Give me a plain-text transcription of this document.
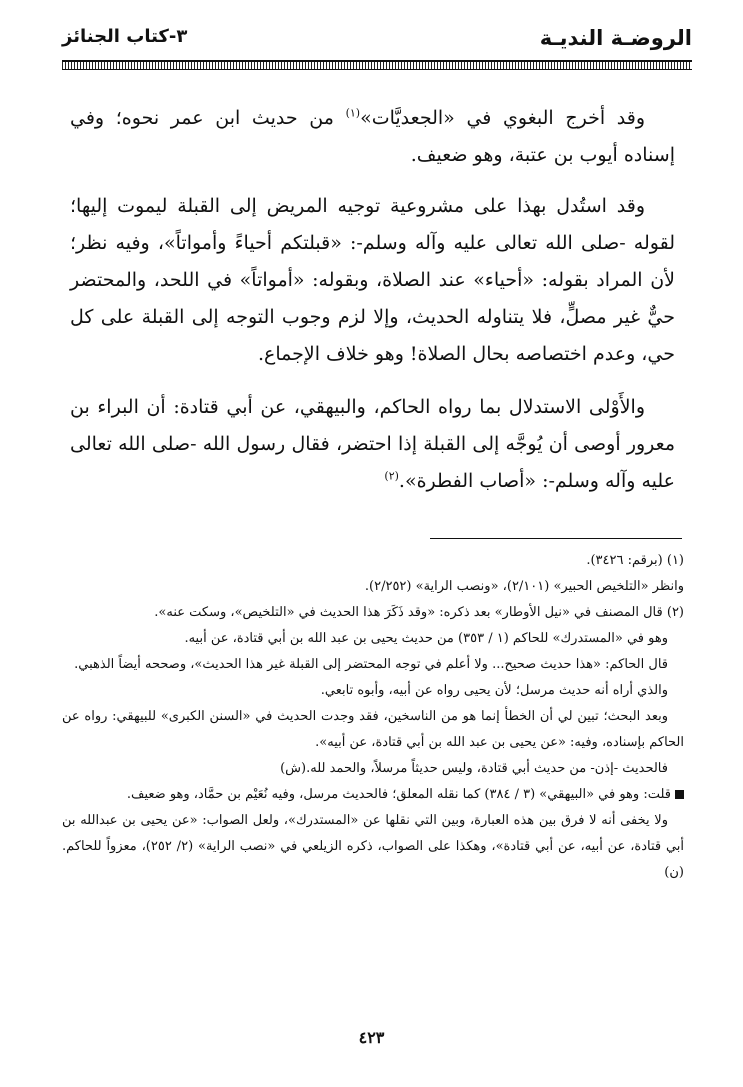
الروضـة النديـة
٣-كتاب الجنائز

وقد أخرج البغوي في «الجعديَّات»$^{(١)}$ من حديث ابن عمر نحوه؛ وفي إسناده أيوب بن عتبة، وهو ضعيف.

وقد استُدل بهذا على مشروعية توجيه المريض إلى القبلة ليموت إليها؛ لقوله -صلى الله تعالى عليه وآله وسلم-: «قبلتكم أحياءً وأمواتاً»، وفيه نظر؛ لأن المراد بقوله: «أحياء» عند الصلاة، وبقوله: «أمواتاً» في اللحد، والمحتضر حيٌّ غير مصلٍّ، فلا يتناوله الحديث، وإلا لزم وجوب التوجه إلى القبلة على كل حي، وعدم اختصاصه بحال الصلاة! وهو خلاف الإجماع.

والأَوْلى الاستدلال بما رواه الحاكم، والبيهقي، عن أبي قتادة: أن البراء بن معرور أوصى أن يُوجَّه إلى القبلة إذا احتضر، فقال رسول الله -صلى الله تعالى عليه وآله وسلم-: «أصاب الفطرة».$^{(٢)}$

(١) (برقم: ٣٤٢٦).

وانظر «التلخيص الحبير» (٢/١٠١)، «ونصب الراية» (٢/٢٥٢).

(٢) قال المصنف في «نيل الأوطار» بعد ذكره: «وقد ذَكَرَ هذا الحديث في «التلخيص»، وسكت عنه».

وهو في «المستدرك» للحاكم (١ / ٣٥٣) من حديث يحيى بن عبد الله بن أبي قتادة، عن أبيه.

قال الحاكم: «هذا حديث صحيح... ولا أعلم في توجه المحتضر إلى القبلة غير هذا الحديث»، وصححه أيضاً الذهبي.

والذي أراه أنه حديث مرسل؛ لأن يحيى رواه عن أبيه، وأبوه تابعي.

وبعد البحث؛ تبين لي أن الخطأ إنما هو من الناسخين، فقد وجدت الحديث في «السنن الكبرى» للبيهقي: رواه عن الحاكم بإسناده، وفيه: «عن يحيى بن عبد الله بن أبي قتادة، عن أبيه».

فالحديث -إذن- من حديث أبي قتادة، وليس حديثاً مرسلاً، والحمد لله.(ش)

قلت: وهو في «البيهقي» (٣ / ٣٨٤) كما نقله المعلق؛ فالحديث مرسل، وفيه نُعَيْم بن حمَّاد، وهو ضعيف.

ولا يخفى أنه لا فرق بين هذه العبارة، وبين التي نقلها عن «المستدرك»، ولعل الصواب: «عن يحيى بن عبدالله بن أبي قتادة، عن أبيه، عن أبي قتادة»، وهكذا على الصواب، ذكره الزيلعي في «نصب الراية» (٢/ ٢٥٢)، معزواً للحاكم.(ن)

٤٢٣
